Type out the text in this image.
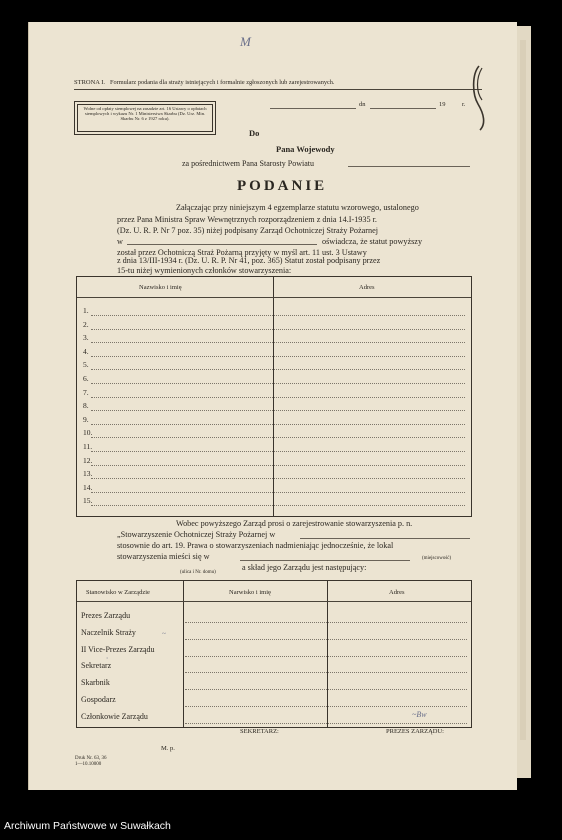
M
STRONA I. Formularz podania dla straży istniejących i formalnie zgłoszonych lub zarejestrowanych.
Wolne od opłaty stemplowej na zasadzie art. 16 Ustawy o opłatach stemplowych i wykazu Nr. 1 Ministerstwa Skarbu (Dz. Urz. Min. Skarbu Nr. 6 z 1927 roku).
dn	19	r.
Do
Pana Wojewody
za pośrednictwem Pana Starosty Powiatu
PODANIE
Załączając przy niniejszym 4 egzemplarze statutu wzorowego, ustalonego
przez Pana Ministra Spraw Wewnętrznych rozporządzeniem z dnia 14.I-1935 r.
(Dz. U. R. P. Nr 7 poz. 35) niżej podpisany Zarząd Ochotniczej Straży Pożarnej
w	oświadcza, że statut powyższy
został przez Ochotniczą Straż Pożarną przyjęty w myśl art. 11 ust. 3 Ustawy
z dnia 13/III-1934 r. (Dz. U. R. P. Nr 41, poz. 365) Statut został podpisany przez
15-tu niżej wymienionych członków stowarzyszenia:
Nazwisko i imię	Adres
1.
2.
3.
4.
5.
6.
7.
8.
9.
10.
11.
12.
13.
14.
15.
Wobec powyższego Zarząd prosi o zarejestrowanie stowarzyszenia p. n.
„Stowarzyszenie Ochotniczej Straży Pożarnej w
(miejscowość)
stosownie do art. 19. Prawa o stowarzyszeniach nadmieniając jednocześnie, że lokal
stowarzyszenia mieści się w
(ulica i Nr. domu)
a skład jego Zarządu jest następujący:
Stanowisko w Zarządzie	Narwisko i imię	Adres
Prezes Zarządu
Naczelnik Straży
II Vice-Prezes Zarządu
Sekretarz
Skarbnik
Gospodarz
Członkowie Zarządu
~
·
SEKRETARZ:	PREZES ZARZĄDU:
~Bw
M. p.
Druk Nr. 63, 36
1—10.10000
Archiwum Państwowe w Suwałkach
